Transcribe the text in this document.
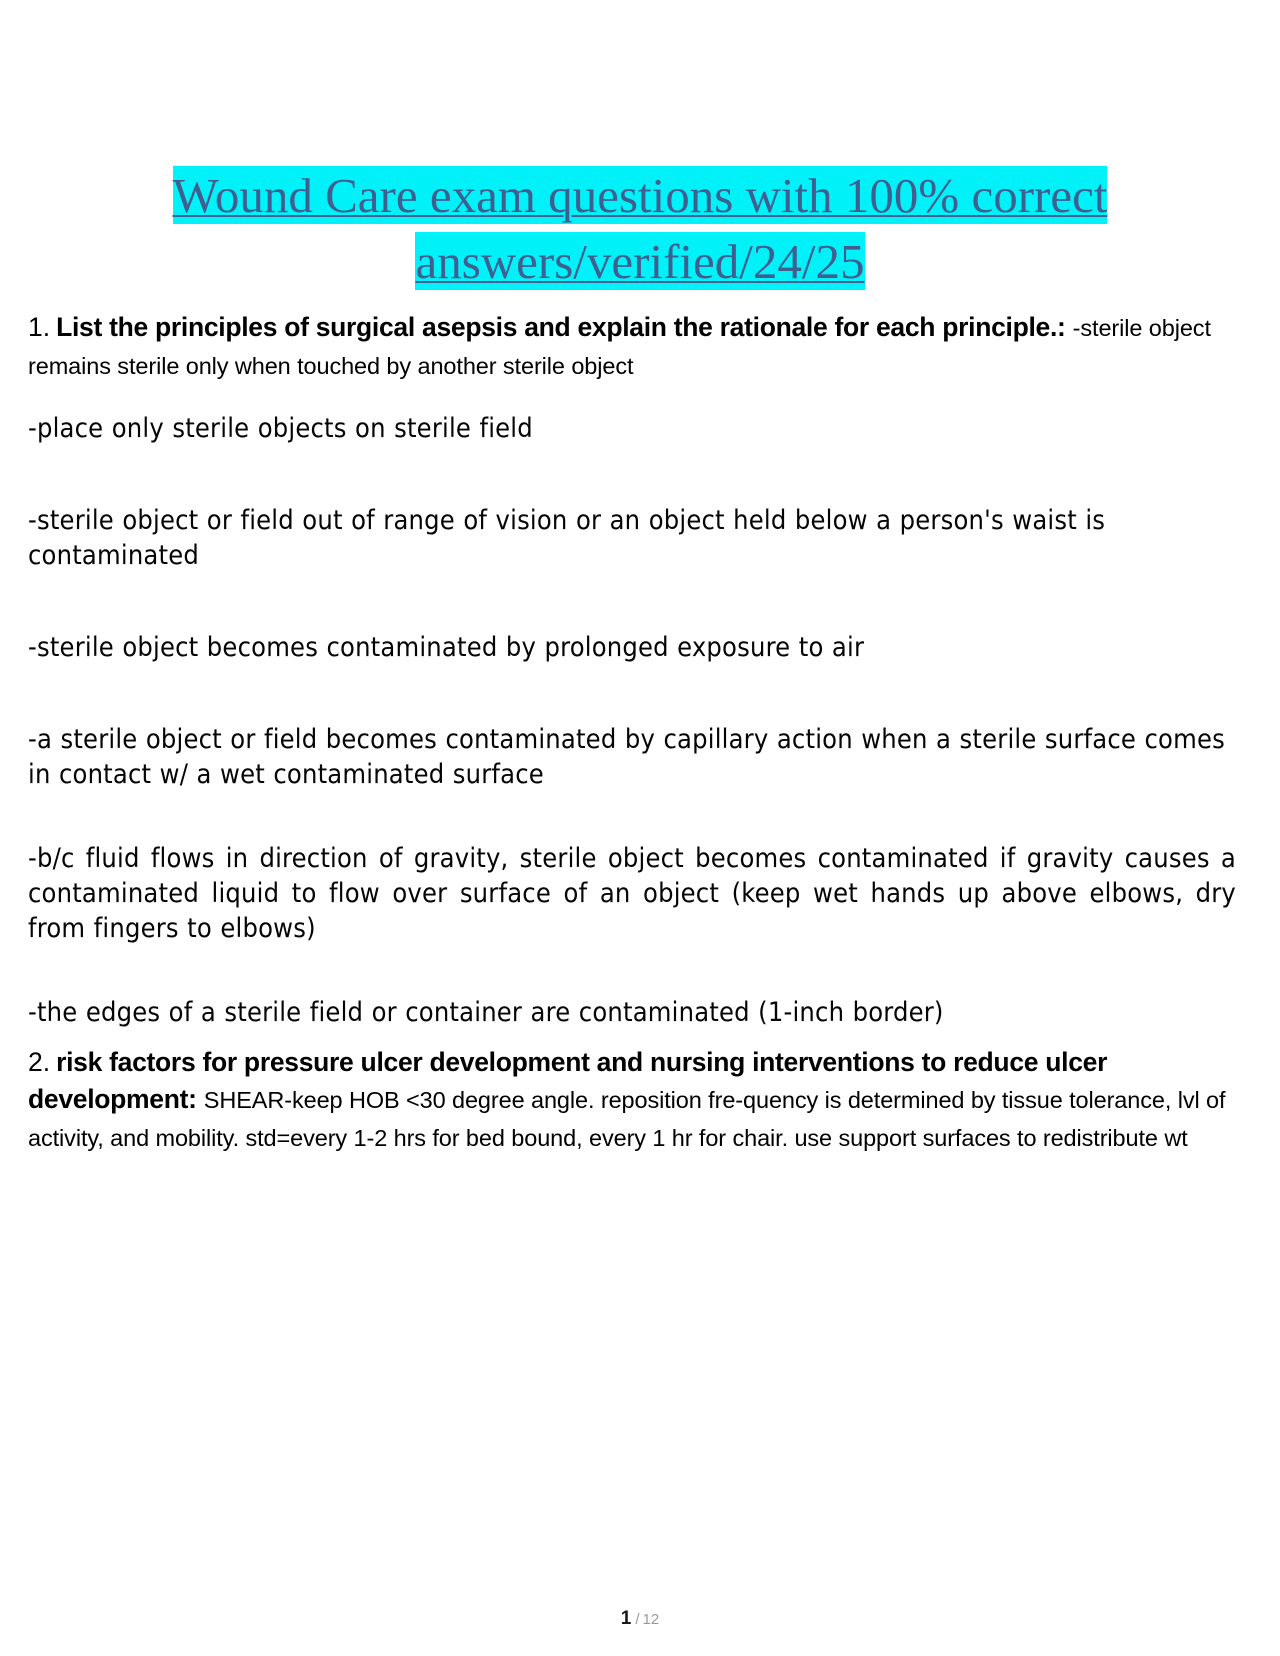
Wound Care exam questions with 100% correct
answers/verified/24/25
1. List the principles of surgical asepsis and explain the rationale for each principle.: -sterile object remains sterile only when touched by another sterile object

-place only sterile objects on sterile field

-sterile object or field out of range of vision or an object held below a person's waist is contaminated

-sterile object becomes contaminated by prolonged exposure to air

-a sterile object or field becomes contaminated by capillary action when a sterile surface comes in contact w/ a wet contaminated surface

-b/c fluid flows in direction of gravity, sterile object becomes contaminated if gravity causes a contaminated liquid to flow over surface of an object (keep wet hands up above elbows, dry from fingers to elbows)

-the edges of a sterile field or container are contaminated (1-inch border)

2. risk factors for pressure ulcer development and nursing interventions to reduce ulcer development: SHEAR-keep HOB <30 degree angle. reposition fre-quency is determined by tissue tolerance, lvl of activity, and mobility. std=every 1-2 hrs for bed bound, every 1 hr for chair. use support surfaces to redistribute wt
1 / 12
